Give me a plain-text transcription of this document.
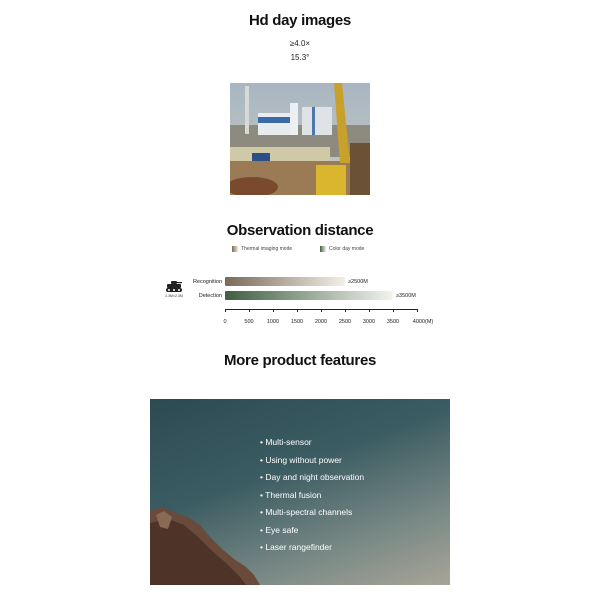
Hd day images
≥4.0×
15.3°
Observation distance
Thermal imaging mode	Color day mode
2.3M×2.3M
Recognition	≥2500M
Detection	≥3500M
0	500 1000 1500 2000 2500 3000 3500 4000(M)
More product features
• Multi-sensor
• Using without power
• Day and night observation
• Thermal fusion
• Multi-spectral channels
• Eye safe
• Laser rangefinder
